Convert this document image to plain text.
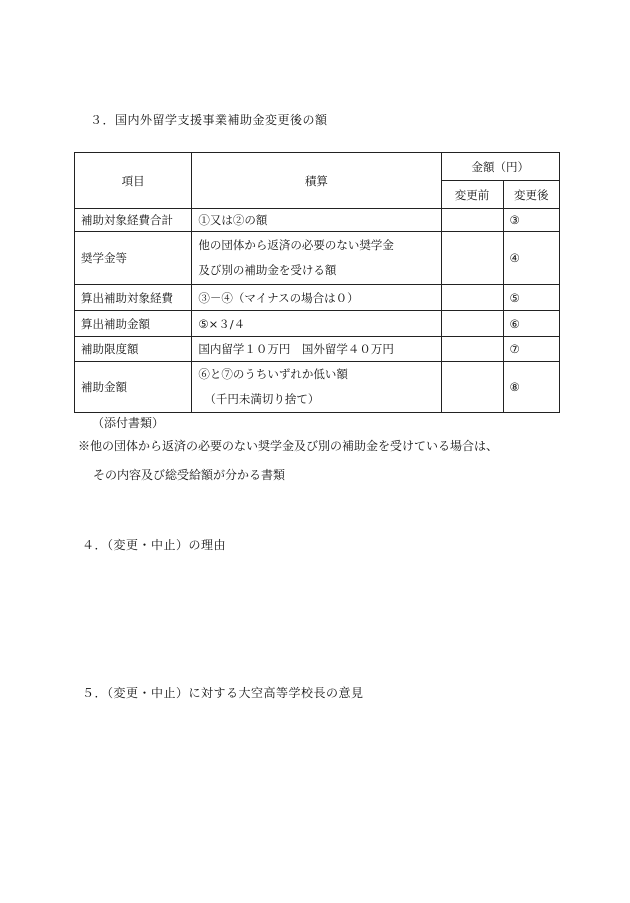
３．国内外留学支援事業補助金変更後の額
項目	積算	金額（円）	
		変更前	変更後
補助対象経費合計	①又は②の額		③
奨学金等	他の団体から返済の必要のない奨学金
及び別の補助金を受ける額		④
算出補助対象経費	③－④（マイナスの場合は０）		⑤
算出補助金額	⑤×３/４		⑥
補助限度額	国内留学１０万円　国外留学４０万円		⑦
補助金額	⑥と⑦のうちいずれか低い額
（千円未満切り捨て）		⑧
（添付書類）
※他の団体から返済の必要のない奨学金及び別の補助金を受けている場合は、
その内容及び総受給額が分かる書類
４．（変更・中止）の理由
５．（変更・中止）に対する大空高等学校長の意見
